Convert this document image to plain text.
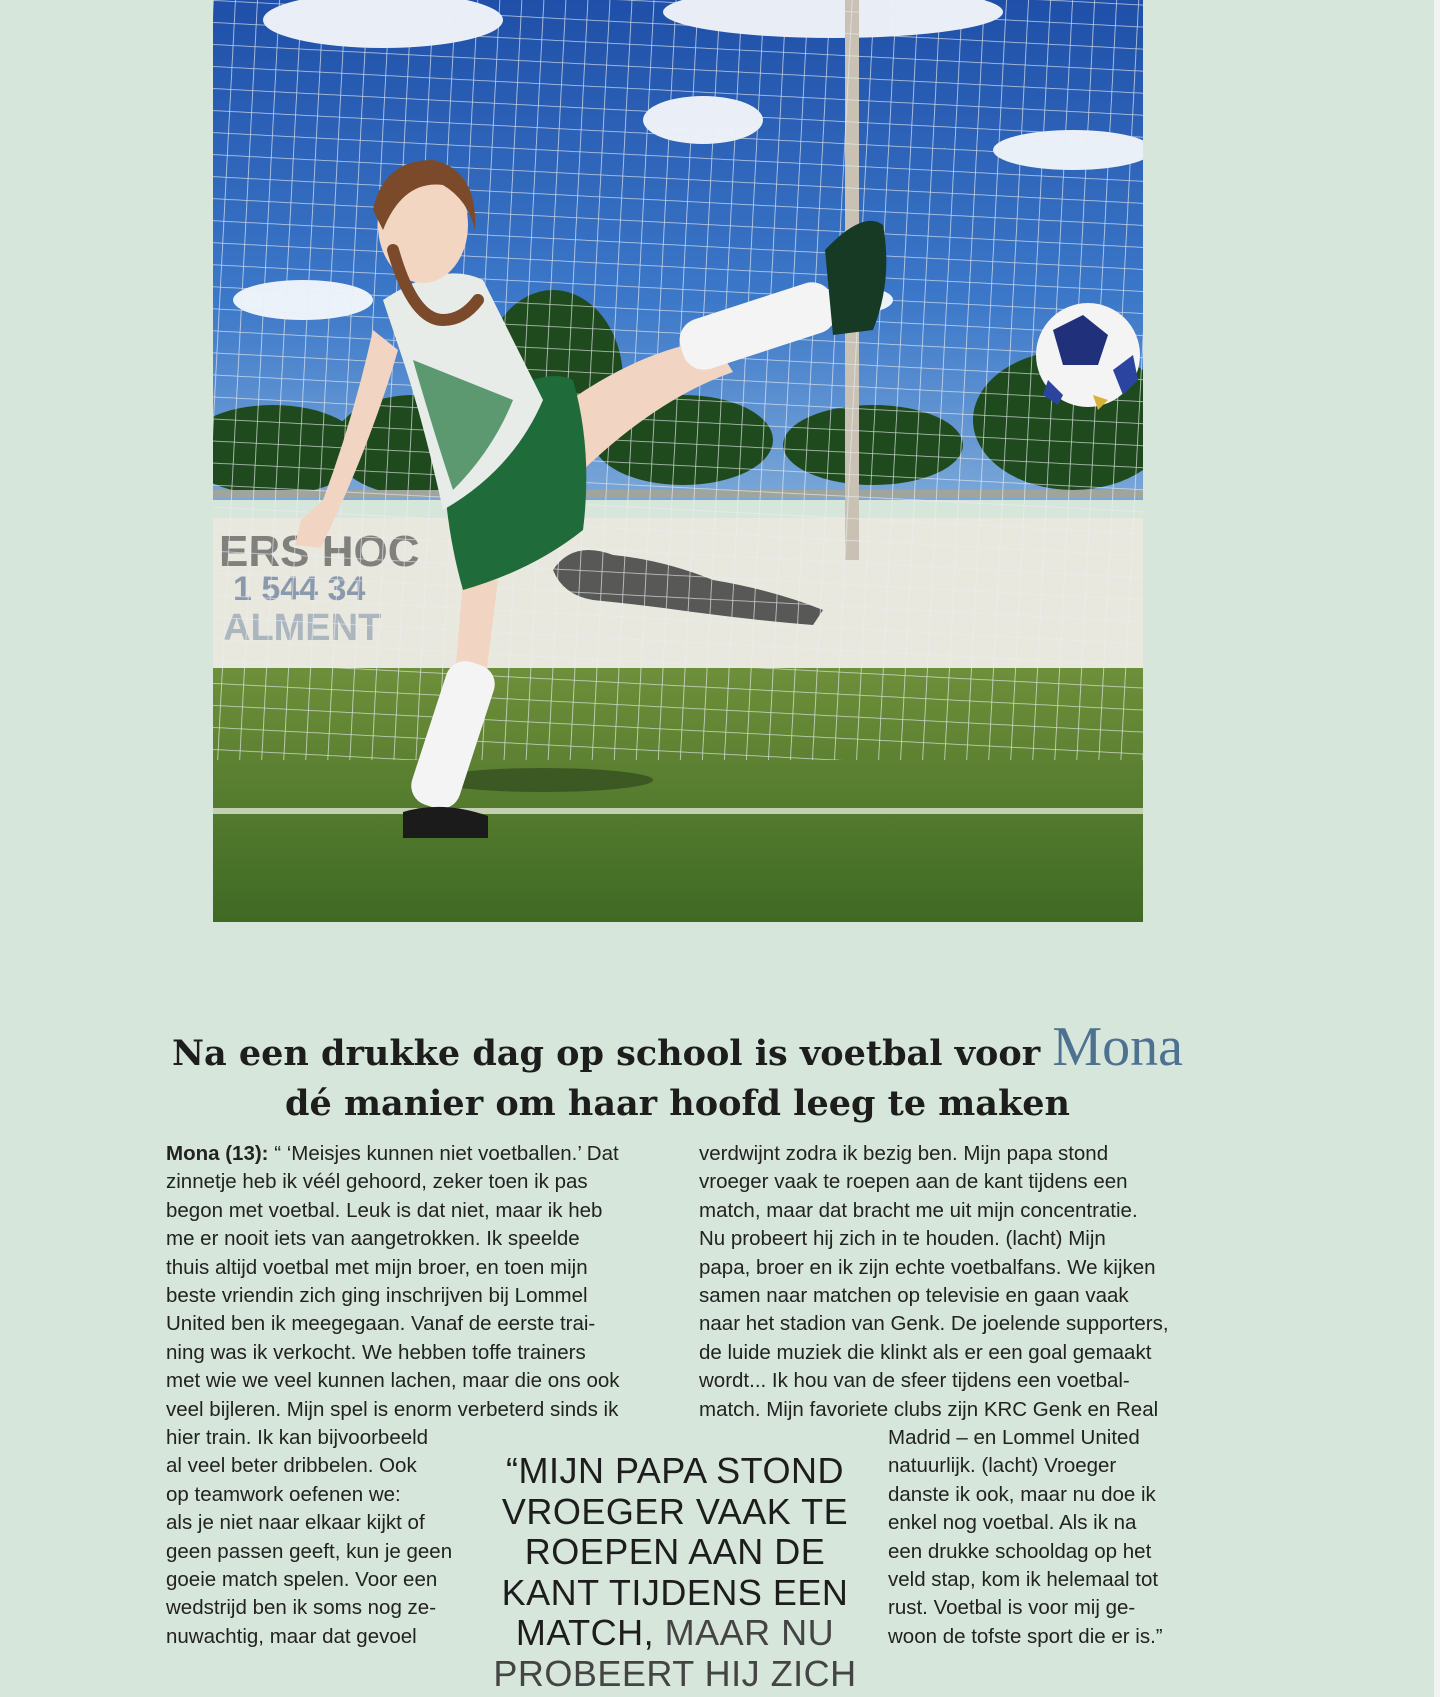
Na een drukke dag op school is voetbal voor Mona
dé manier om haar hoofd leeg te maken

Mona (13): “ ‘Meisjes kunnen niet voetballen.’ Dat

zinnetje heb ik véél gehoord, zeker toen ik pas

begon met voetbal. Leuk is dat niet, maar ik heb

me er nooit iets van aangetrokken. Ik speelde

thuis altijd voetbal met mijn broer, en toen mijn

beste vriendin zich ging inschrijven bij Lommel

United ben ik meegegaan. Vanaf de eerste trai-

ning was ik verkocht. We hebben toffe trainers

met wie we veel kunnen lachen, maar die ons ook

veel bijleren. Mijn spel is enorm verbeterd sinds ik

hier train. Ik kan bijvoorbeeld

al veel beter dribbelen. Ook

op teamwork oefenen we:

als je niet naar elkaar kijkt of

geen passen geeft, kun je geen

goeie match spelen. Voor een

wedstrijd ben ik soms nog ze-

nuwachtig, maar dat gevoel

verdwijnt zodra ik bezig ben. Mijn papa stond

vroeger vaak te roepen aan de kant tijdens een

match, maar dat bracht me uit mijn concentratie.

Nu probeert hij zich in te houden. (lacht) Mijn

papa, broer en ik zijn echte voetbalfans. We kijken

samen naar matchen op televisie en gaan vaak

naar het stadion van Genk. De joelende supporters,

de luide muziek die klinkt als er een goal gemaakt

wordt... Ik hou van de sfeer tijdens een voetbal-

match. Mijn favoriete clubs zijn KRC Genk en Real

Madrid – en Lommel United

natuurlijk. (lacht) Vroeger

danste ik ook, maar nu doe ik

enkel nog voetbal. Als ik na

een drukke schooldag op het

veld stap, kom ik helemaal tot

rust. Voetbal is voor mij ge-

woon de tofste sport die er is.”

“MIJN PAPA STOND

VROEGER VAAK TE

ROEPEN AAN DE

KANT TIJDENS EEN

MATCH, MAAR NU

PROBEERT HIJ ZICH
